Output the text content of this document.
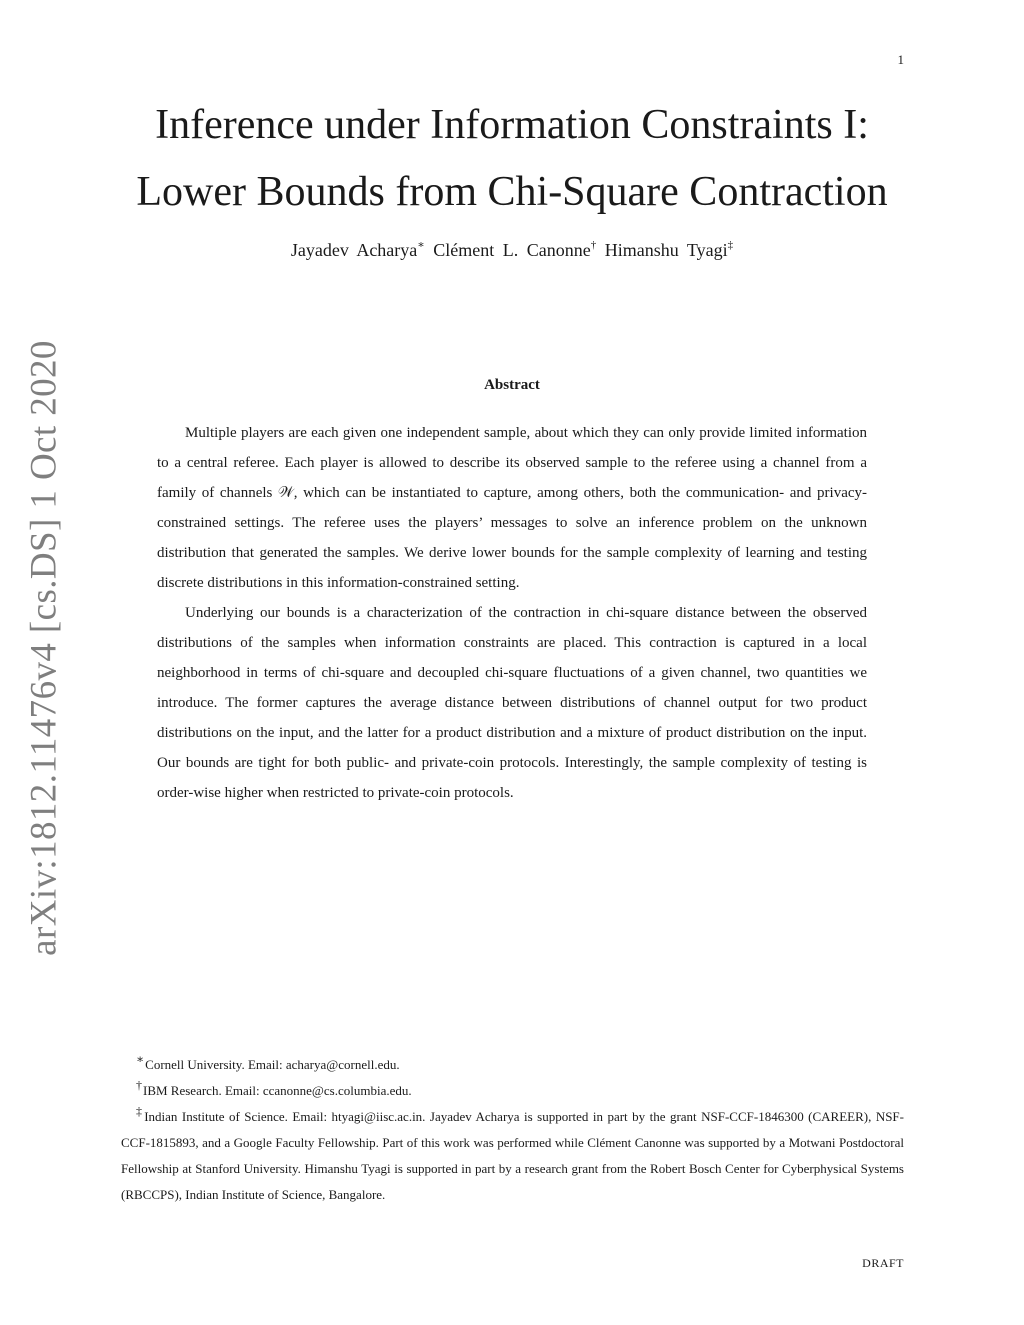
1
arXiv:1812.11476v4 [cs.DS] 1 Oct 2020
Inference under Information Constraints I:
Lower Bounds from Chi-Square Contraction
Jayadev Acharya∗ Clément L. Canonne† Himanshu Tyagi‡
Abstract

Multiple players are each given one independent sample, about which they can only provide limited information to a central referee. Each player is allowed to describe its observed sample to the referee using a channel from a family of channels 𝒲, which can be instantiated to capture, among others, both the communication- and privacy-constrained settings. The referee uses the players’ messages to solve an inference problem on the unknown distribution that generated the samples. We derive lower bounds for the sample complexity of learning and testing discrete distributions in this information-constrained setting.

Underlying our bounds is a characterization of the contraction in chi-square distance between the observed distributions of the samples when information constraints are placed. This contraction is captured in a local neighborhood in terms of chi-square and decoupled chi-square fluctuations of a given channel, two quantities we introduce. The former captures the average distance between distributions of channel output for two product distributions on the input, and the latter for a product distribution and a mixture of product distribution on the input. Our bounds are tight for both public- and private-coin protocols. Interestingly, the sample complexity of testing is order-wise higher when restricted to private-coin protocols.

∗Cornell University. Email: acharya@cornell.edu.

†IBM Research. Email: ccanonne@cs.columbia.edu.

‡Indian Institute of Science. Email: htyagi@iisc.ac.in. Jayadev Acharya is supported in part by the grant NSF-CCF-1846300 (CAREER), NSF-CCF-1815893, and a Google Faculty Fellowship. Part of this work was performed while Clément Canonne was supported by a Motwani Postdoctoral Fellowship at Stanford University. Himanshu Tyagi is supported in part by a research grant from the Robert Bosch Center for Cyberphysical Systems (RBCCPS), Indian Institute of Science, Bangalore.

DRAFT
